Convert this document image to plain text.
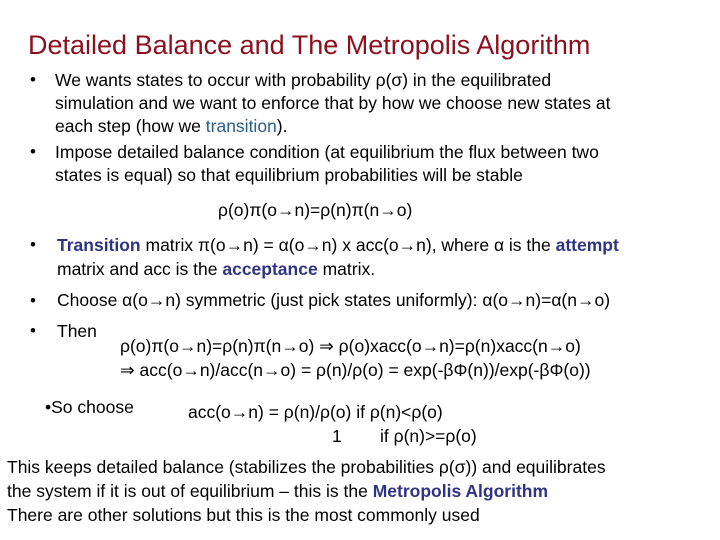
Detailed Balance and The Metropolis Algorithm
• We wants states to occur with probability ρ(σ) in the equilibrated
simulation and we want to enforce that by how we choose new states at
each step (how we transition).
• Impose detailed balance condition (at equilibrium the flux between two
states is equal) so that equilibrium probabilities will be stable
ρ(o)π(o→n)=ρ(n)π(n→o)
• Transition matrix π(o→n) = α(o→n) x acc(o→n), where α is the attempt
matrix and acc is the acceptance matrix.
• Choose α(o→n) symmetric (just pick states uniformly): α(o→n)=α(n→o)
• Then
ρ(o)π(o→n)=ρ(n)π(n→o) ⇒ ρ(o)xacc(o→n)=ρ(n)xacc(n→o)
⇒ acc(o→n)/acc(n→o) = ρ(n)/ρ(o) = exp(-βΦ(n))/exp(-βΦ(o))
•So choose	acc(o→n) = ρ(n)/ρ(o) if ρ(n)<ρ(o)
1 if ρ(n)>=ρ(o)
This keeps detailed balance (stabilizes the probabilities ρ(σ)) and equilibrates
the system if it is out of equilibrium – this is the Metropolis Algorithm
There are other solutions but this is the most commonly used
